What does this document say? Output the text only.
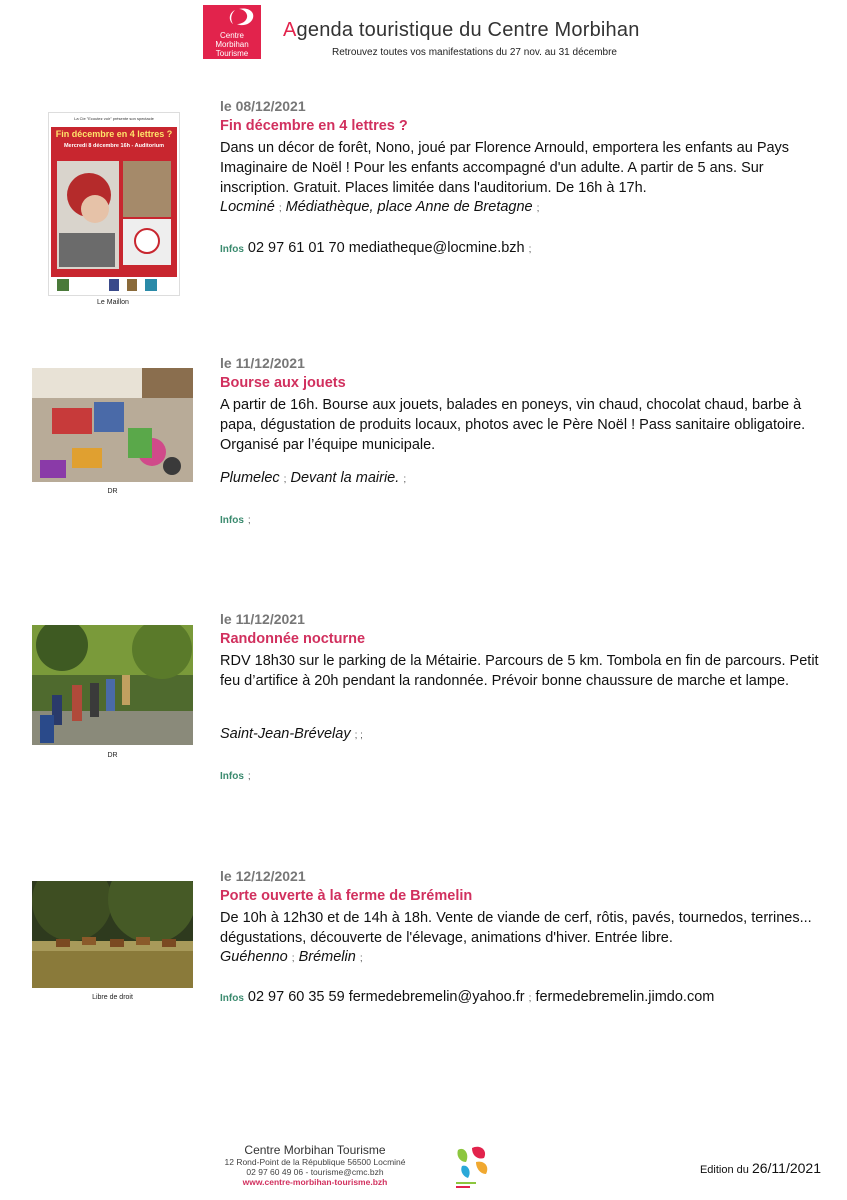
Centre
Morbihan
Tourisme
Agenda touristique du Centre Morbihan
Retrouvez toutes vos manifestations du 27 nov. au 31 décembre
La Cie "Ecoutez voir" présente son spectacle
Fin décembre en 4 lettres ?
Mercredi 8 décembre 16h - Auditorium
Le Maillon
le 08/12/2021
Fin décembre en 4 lettres ?
Dans un décor de forêt, Nono, joué par Florence Arnould, emportera les enfants au Pays Imaginaire de Noël ! Pour les enfants accompagné d'un adulte. A partir de 5 ans. Sur inscription. Gratuit. Places limitée dans l'auditorium. De 16h à 17h.
Locminé ; Médiathèque, place Anne de Bretagne ;
Infos 02 97 61 01 70 mediatheque@locmine.bzh ;
DR
le 11/12/2021
Bourse aux jouets
A partir de 16h. Bourse aux jouets, balades en poneys, vin chaud, chocolat chaud, barbe à papa, dégustation de produits locaux, photos avec le Père Noël ! Pass sanitaire obligatoire. Organisé par l’équipe municipale.
Plumelec ; Devant la mairie. ;
Infos ;
DR
le 11/12/2021
Randonnée nocturne
RDV 18h30 sur le parking de la Métairie. Parcours de 5 km. Tombola en fin de parcours. Petit feu d’artifice à 20h pendant la randonnée. Prévoir bonne chaussure de marche et lampe.
Saint-Jean-Brévelay ; ;
Infos ;
Libre de droit
le 12/12/2021
Porte ouverte à la ferme de Brémelin
De 10h à 12h30 et de 14h à 18h. Vente de viande de cerf, rôtis, pavés, tournedos, terrines... dégustations, découverte de l'élevage, animations d'hiver. Entrée libre.
Guéhenno ; Brémelin ;
Infos 02 97 60 35 59 fermedebremelin@yahoo.fr ; fermedebremelin.jimdo.com
Centre Morbihan Tourisme
12 Rond-Point de la République 56500 Locminé
02 97 60 49 06 - tourisme@cmc.bzh
www.centre-morbihan-tourisme.bzh
Edition du 26/11/2021
